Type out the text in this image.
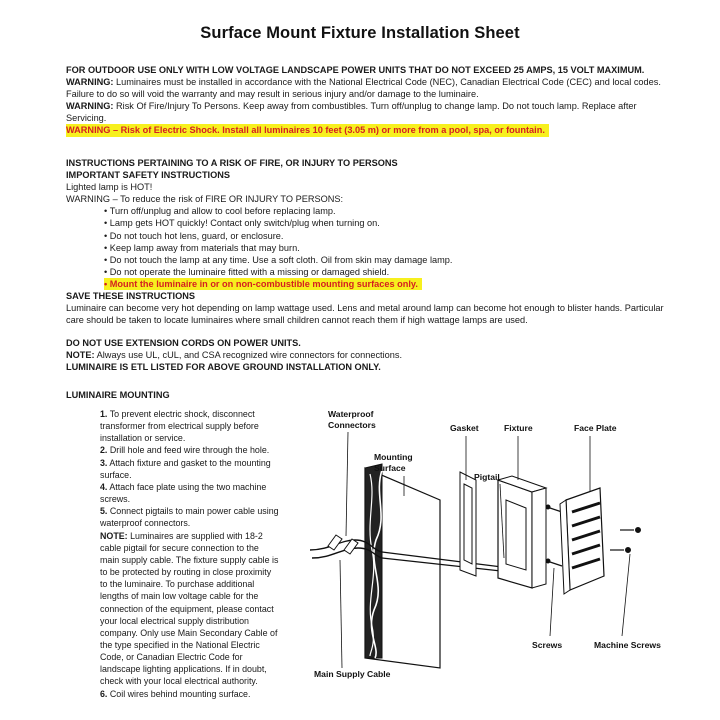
Surface Mount Fixture Installation Sheet

FOR OUTDOOR USE ONLY WITH LOW VOLTAGE LANDSCAPE POWER UNITS THAT DO NOT EXCEED 25 AMPS, 15 VOLT MAXIMUM.

WARNING: Luminaires must be installed in accordance with the National Electrical Code (NEC), Canadian Electrical Code (CEC) and local codes. Failure to do so will void the warranty and may result in serious injury and/or damage to the luminaire.

WARNING: Risk Of Fire/Injury To Persons. Keep away from combustibles. Turn off/unplug to change lamp. Do not touch lamp. Replace after Servicing.

WARNING – Risk of Electric Shock. Install all luminaires 10 feet (3.05 m) or more from a pool, spa, or fountain.

INSTRUCTIONS PERTAINING TO A RISK OF FIRE, OR INJURY TO PERSONS

IMPORTANT SAFETY INSTRUCTIONS

Lighted lamp is HOT!

WARNING – To reduce the risk of FIRE OR INJURY TO PERSONS:

• Turn off/unplug and allow to cool before replacing lamp.

• Lamp gets HOT quickly! Contact only switch/plug when turning on.

• Do not touch hot lens, guard, or enclosure.

• Keep lamp away from materials that may burn.

• Do not touch the lamp at any time. Use a soft cloth. Oil from skin may damage lamp.

• Do not operate the luminaire fitted with a missing or damaged shield.

• Mount the luminaire in or on non-combustible mounting surfaces only.

SAVE THESE INSTRUCTIONS

Luminaire can become very hot depending on lamp wattage used. Lens and metal around lamp can become hot enough to blister hands. Particular care should be taken to locate luminaires where small children cannot reach them if high wattage lamps are used.

DO NOT USE EXTENSION CORDS ON POWER UNITS.

NOTE: Always use UL, cUL, and CSA recognized wire connectors for connections.

LUMINAIRE IS ETL LISTED FOR ABOVE GROUND INSTALLATION ONLY.

LUMINAIRE MOUNTING

1. To prevent electric shock, disconnect transformer from electrical supply before installation or service.
2. Drill hole and feed wire through the hole.
3. Attach fixture and gasket to the mounting surface.
4. Attach face plate using the two machine screws.
5. Connect pigtails to main power cable using waterproof connectors.
NOTE: Luminaires are supplied with 18-2 cable pigtail for secure connection to the main supply cable. The fixture supply cable is to be protected by routing in close proximity to the luminaire. To purchase additional lengths of main low voltage cable for the connection of the equipment, please contact your local electrical supply distribution company. Only use Main Secondary Cable of the type specified in the National Electric Code, or Canadian Electric Code for landscape lighting applications. If in doubt, check with your local electrical authority.
6. Coil wires behind mounting surface.
Waterproof
Connectors
Mounting
Surface
Gasket	Fixture	Face Plate
Pigtail
Screws	Machine Screws
Main Supply Cable
